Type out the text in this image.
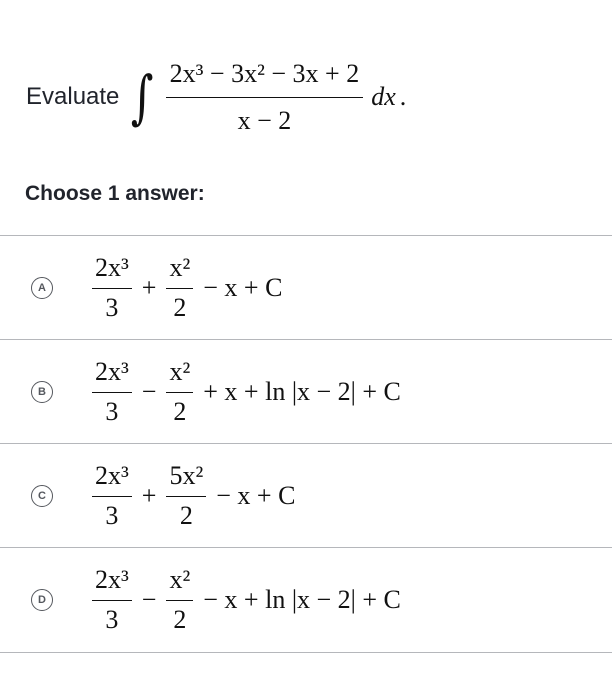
Evaluate ∫ $\frac{\text{2x³ − 3x² − 3x + 2}}{x - 2}$ dx .
Choose 1 answer:
A $\frac{\text{2x³}}{3} + \frac{\text{x²}}{2} - x + C$
B $\frac{\text{2x³}}{3} - \frac{\text{x²}}{2} + x + \ln |x - 2| + C$
C $\frac{\text{2x³}}{3} + \frac{\text{5x²}}{2} - x + C$
D $\frac{\text{2x³}}{3} - \frac{\text{x²}}{2} - x + \ln |x - 2| + C$
